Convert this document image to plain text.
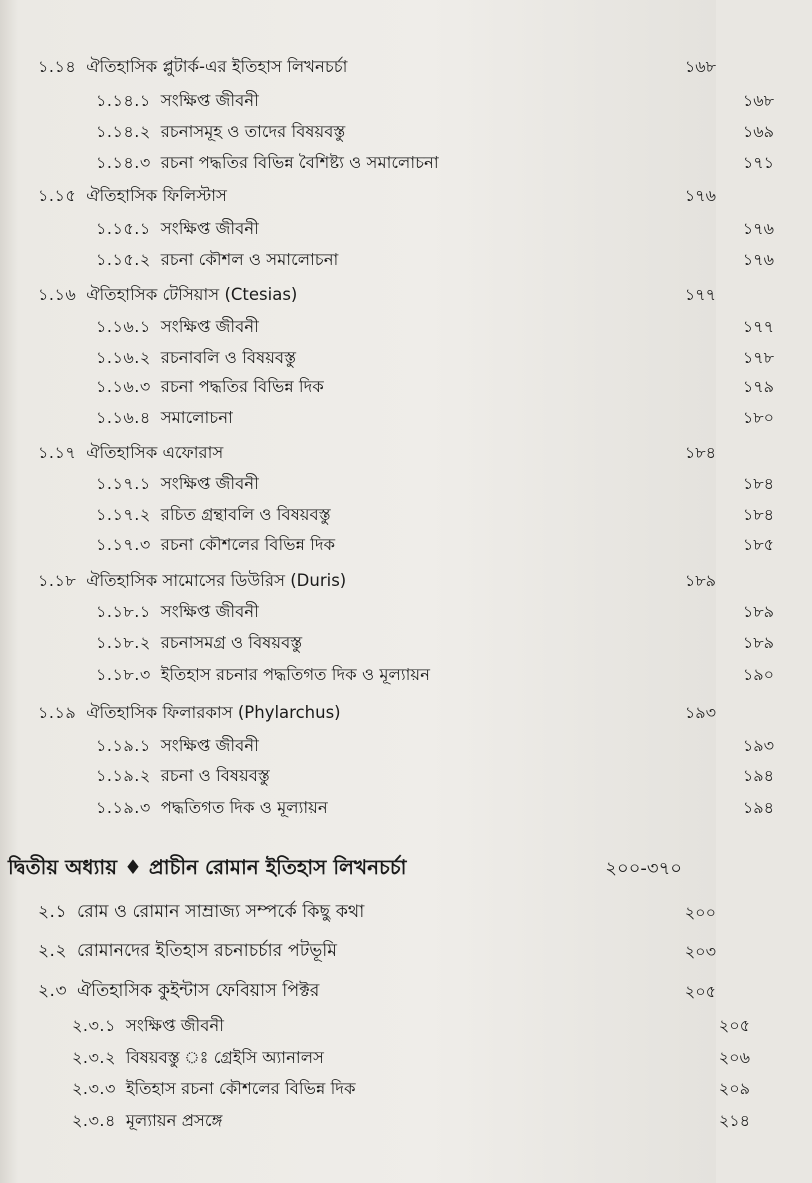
১.১৪ ঐতিহাসিক প্লুটার্ক-এর ইতিহাস লিখনচর্চা	১৬৮
১.১৪.১ সংক্ষিপ্ত জীবনী	১৬৮
১.১৪.২ রচনাসমূহ ও তাদের বিষয়বস্তু	১৬৯
১.১৪.৩ রচনা পদ্ধতির বিভিন্ন বৈশিষ্ট্য ও সমালোচনা	১৭১
১.১৫ ঐতিহাসিক ফিলিস্টাস	১৭৬
১.১৫.১ সংক্ষিপ্ত জীবনী	১৭৬
১.১৫.২ রচনা কৌশল ও সমালোচনা	১৭৬
১.১৬ ঐতিহাসিক টেসিয়াস (Ctesias)	১৭৭
১.১৬.১ সংক্ষিপ্ত জীবনী	১৭৭
১.১৬.২ রচনাবলি ও বিষয়বস্তু	১৭৮
১.১৬.৩ রচনা পদ্ধতির বিভিন্ন দিক	১৭৯
১.১৬.৪ সমালোচনা	১৮০
১.১৭ ঐতিহাসিক এফোরাস	১৮৪
১.১৭.১ সংক্ষিপ্ত জীবনী	১৮৪
১.১৭.২ রচিত গ্রন্থাবলি ও বিষয়বস্তু	১৮৪
১.১৭.৩ রচনা কৌশলের বিভিন্ন দিক	১৮৫
১.১৮ ঐতিহাসিক সামোসের ডিউরিস (Duris)	১৮৯
১.১৮.১ সংক্ষিপ্ত জীবনী	১৮৯
১.১৮.২ রচনাসমগ্র ও বিষয়বস্তু	১৮৯
১.১৮.৩ ইতিহাস রচনার পদ্ধতিগত দিক ও মূল্যায়ন	১৯০
১.১৯ ঐতিহাসিক ফিলারকাস (Phylarchus)	১৯৩
১.১৯.১ সংক্ষিপ্ত জীবনী	১৯৩
১.১৯.২ রচনা ও বিষয়বস্তু	১৯৪
১.১৯.৩ পদ্ধতিগত দিক ও মূল্যায়ন	১৯৪
দ্বিতীয় অধ্যায় ♦ প্রাচীন রোমান ইতিহাস লিখনচর্চা	২০০-৩৭০
২.১ রোম ও রোমান সাম্রাজ্য সম্পর্কে কিছু কথা	২০০
২.২ রোমানদের ইতিহাস রচনাচর্চার পটভূমি	২০৩
২.৩ ঐতিহাসিক কুইন্টাস ফেবিয়াস পিক্টর	২০৫
২.৩.১ সংক্ষিপ্ত জীবনী	২০৫
২.৩.২ বিষয়বস্তু ঃ গ্রেইসি অ্যানালস	২০৬
২.৩.৩ ইতিহাস রচনা কৌশলের বিভিন্ন দিক	২০৯
২.৩.৪ মূল্যায়ন প্রসঙ্গে	২১৪
